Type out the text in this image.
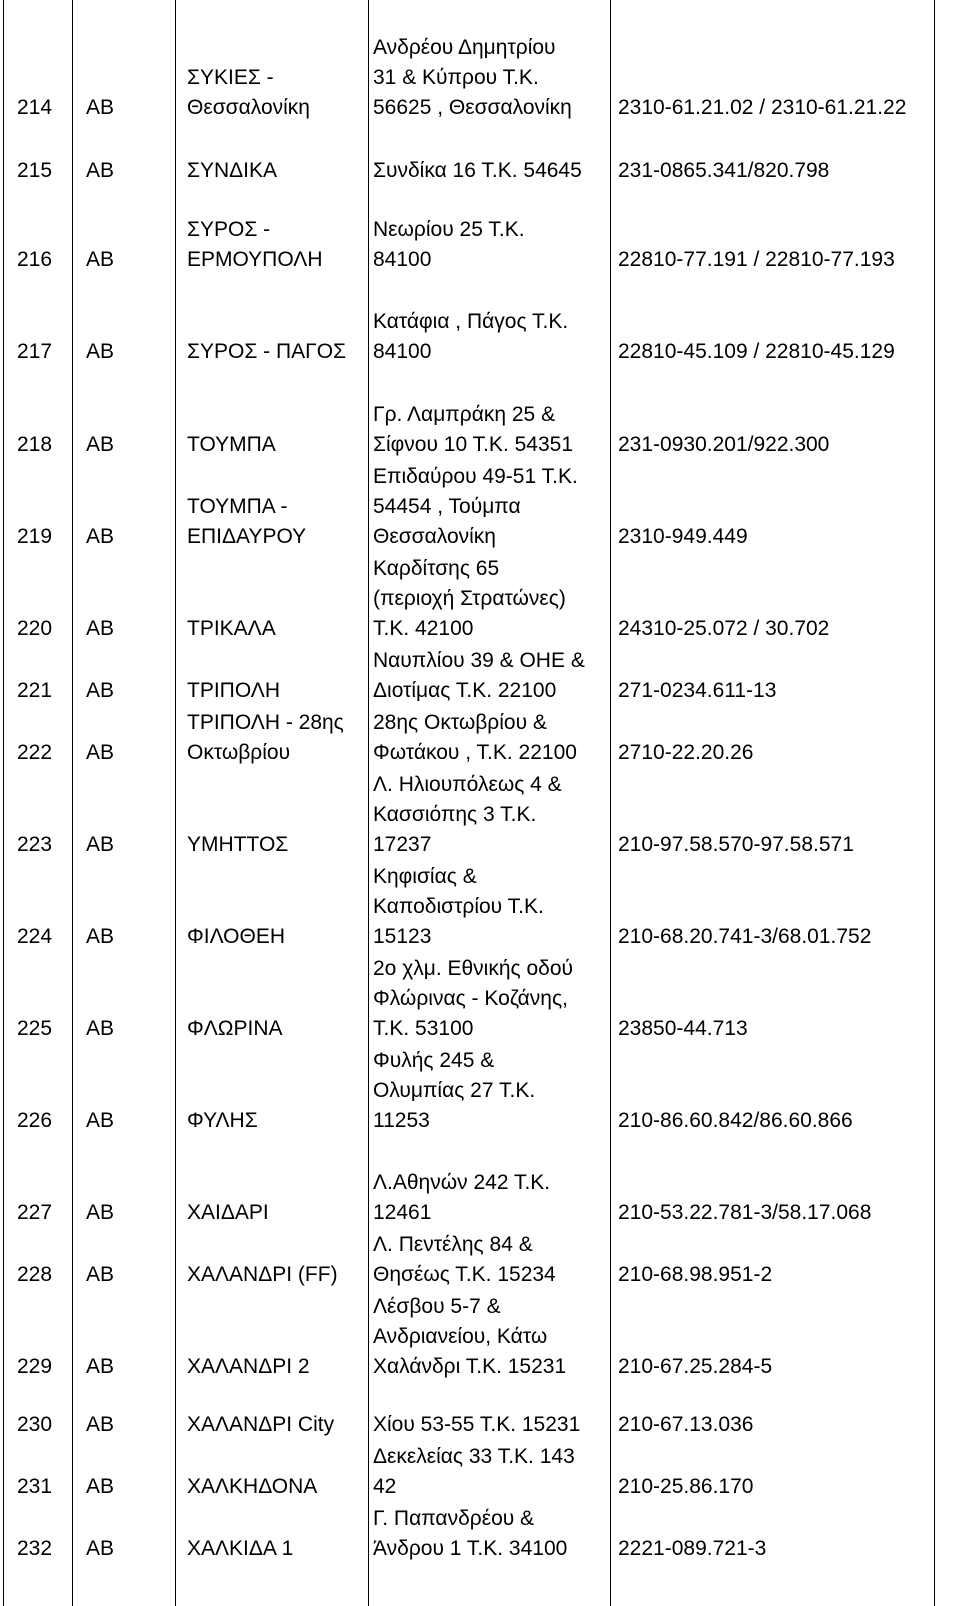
214	AB	ΣΥΚΙΕΣ -
Θεσσαλονίκη	Ανδρέου Δημητρίου
31 & Κύπρου Τ.Κ.
56625 , Θεσσαλονίκη	2310-61.21.02 / 2310-61.21.22
215	AB	ΣΥΝΔΙΚΑ	Συνδίκα 16 Τ.Κ. 54645	231-0865.341/820.798
216	AB	ΣΥΡΟΣ -
ΕΡΜΟΥΠΟΛΗ	Νεωρίου 25 Τ.Κ.
84100	22810-77.191 / 22810-77.193
217	AB	ΣΥΡΟΣ - ΠΑΓΟΣ	Κατάφια , Πάγος Τ.Κ.
84100	22810-45.109 / 22810-45.129
218	AB	ΤΟΥΜΠΑ	Γρ. Λαμπράκη 25 &
Σίφνου 10 Τ.Κ. 54351	231-0930.201/922.300
219	AB	ΤΟΥΜΠΑ -
ΕΠΙΔΑΥΡΟΥ	Επιδαύρου 49-51 Τ.Κ.
54454 , Τούμπα
Θεσσαλονίκη	2310-949.449
220	AB	ΤΡΙΚΑΛΑ	Καρδίτσης 65
(περιοχή Στρατώνες)
Τ.Κ. 42100	24310-25.072 / 30.702
221	AB	ΤΡΙΠΟΛΗ	Ναυπλίου 39 & ΟΗΕ &
Διοτίμας Τ.Κ. 22100	271-0234.611-13
222	AB	ΤΡΙΠΟΛΗ - 28ης
Οκτωβρίου	28ης Οκτωβρίου &
Φωτάκου , Τ.Κ. 22100	2710-22.20.26
223	AB	ΥΜΗΤΤΟΣ	Λ. Ηλιουπόλεως 4 &
Κασσιόπης 3 Τ.Κ.
17237	210-97.58.570-97.58.571
224	AB	ΦΙΛΟΘΕΗ	Κηφισίας &
Καποδιστρίου Τ.Κ.
15123	210-68.20.741-3/68.01.752
225	AB	ΦΛΩΡΙΝΑ	2ο χλμ. Εθνικής οδού
Φλώρινας - Κοζάνης,
Τ.Κ. 53100	23850-44.713
226	AB	ΦΥΛΗΣ	Φυλής 245 &
Ολυμπίας 27 Τ.Κ.
11253	210-86.60.842/86.60.866
227	AB	ΧΑΙΔΑΡΙ	Λ.Αθηνών 242 Τ.Κ.
12461	210-53.22.781-3/58.17.068
228	AB	ΧΑΛΑΝΔΡΙ (FF)	Λ. Πεντέλης 84 &
Θησέως Τ.Κ. 15234	210-68.98.951-2
229	AB	ΧΑΛΑΝΔΡΙ 2	Λέσβου 5-7 &
Ανδριανείου, Κάτω
Χαλάνδρι Τ.Κ. 15231	210-67.25.284-5
230	AB	ΧΑΛΑΝΔΡΙ City	Χίου 53-55 Τ.Κ. 15231	210-67.13.036
231	AB	ΧΑΛΚΗΔΟΝΑ	Δεκελείας 33 Τ.Κ. 143
42	210-25.86.170
232	AB	ΧΑΛΚΙΔΑ 1	Γ. Παπανδρέου &
Άνδρου 1 Τ.Κ. 34100	2221-089.721-3
